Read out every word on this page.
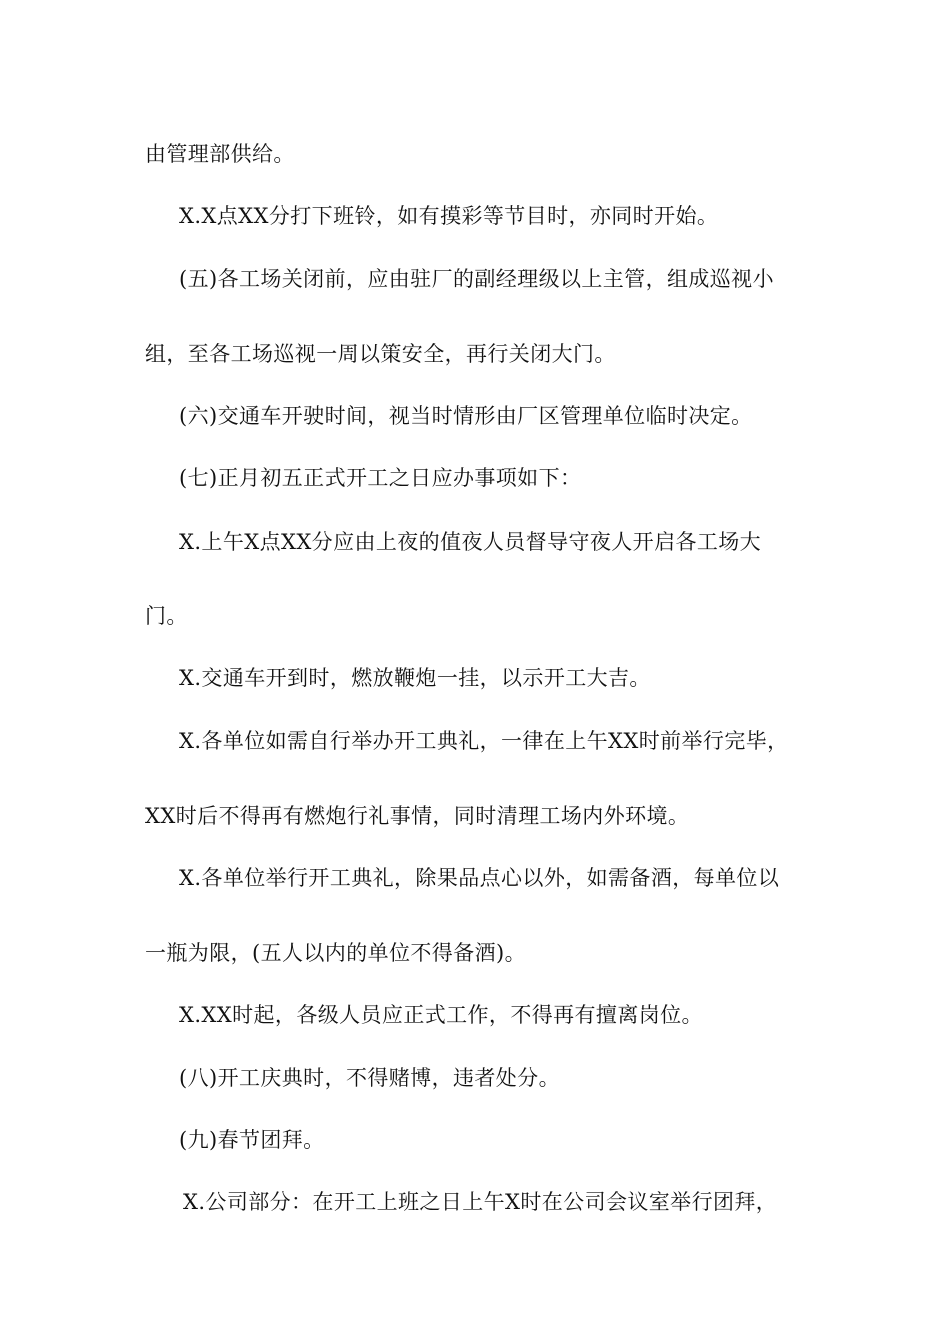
由管理部供给。
X.X点XX分打下班铃，如有摸彩等节目时，亦同时开始。
(五)各工场关闭前，应由驻厂的副经理级以上主管，组成巡视小
组，至各工场巡视一周以策安全，再行关闭大门。
(六)交通车开驶时间，视当时情形由厂区管理单位临时决定。
(七)正月初五正式开工之日应办事项如下：
X.上午X点XX分应由上夜的值夜人员督导守夜人开启各工场大
门。
X.交通车开到时，燃放鞭炮一挂，以示开工大吉。
X.各单位如需自行举办开工典礼，一律在上午XX时前举行完毕，
XX时后不得再有燃炮行礼事情，同时清理工场内外环境。
X.各单位举行开工典礼，除果品点心以外，如需备酒，每单位以
一瓶为限，(五人以内的单位不得备酒)。
X.XX时起，各级人员应正式工作，不得再有擅离岗位。
(八)开工庆典时，不得赌博，违者处分。
(九)春节团拜。
X.公司部分：在开工上班之日上午X时在公司会议室举行团拜，
